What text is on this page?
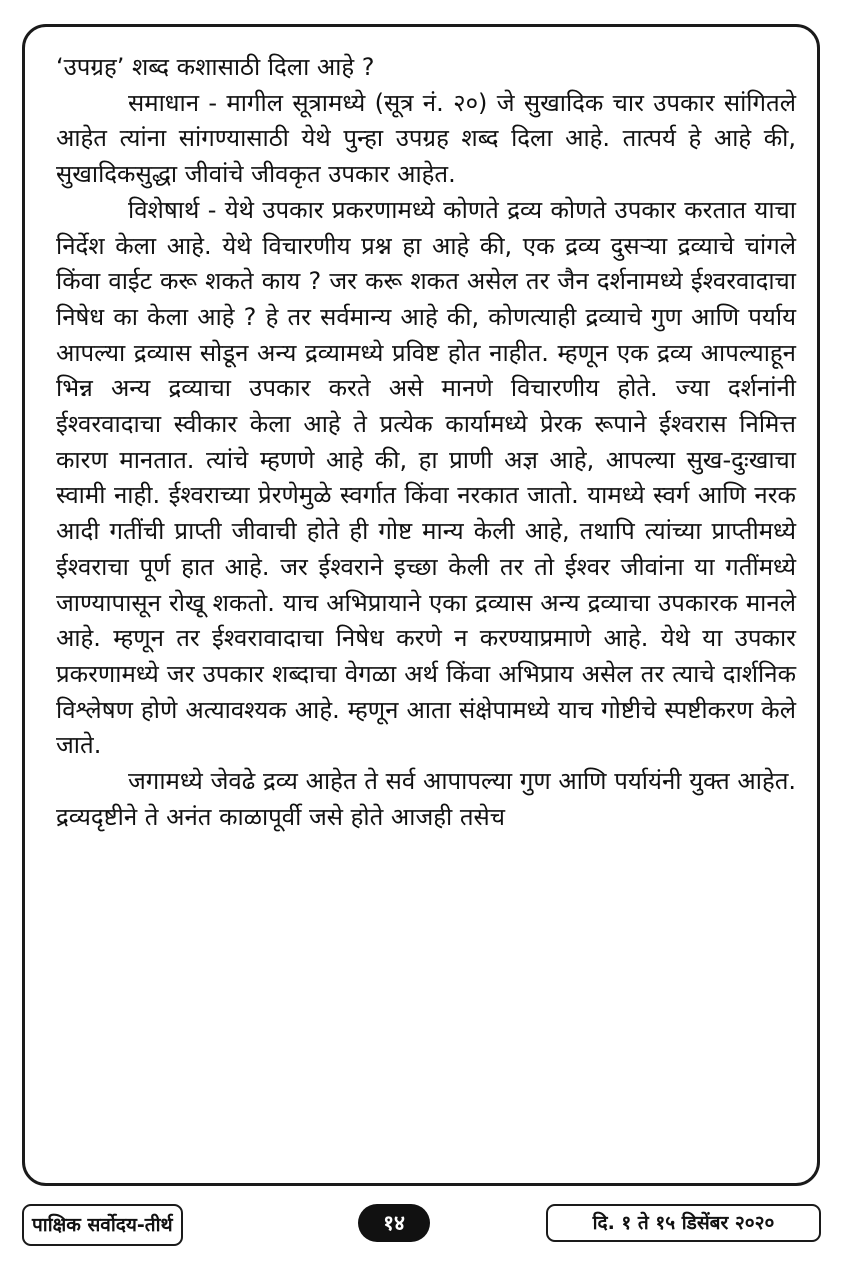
‘उपग्रह’ शब्द कशासाठी दिला आहे ?

समाधान - मागील सूत्रामध्ये (सूत्र नं. २०) जे सुखादिक चार उपकार सांगितले आहेत त्यांना सांगण्यासाठी येथे पुन्हा उपग्रह शब्द दिला आहे. तात्पर्य हे आहे की, सुखादिकसुद्धा जीवांचे जीवकृत उपकार आहेत.

विशेषार्थ - येथे उपकार प्रकरणामध्ये कोणते द्रव्य कोणते उपकार करतात याचा निर्देश केला आहे. येथे विचारणीय प्रश्न हा आहे की, एक द्रव्य दुसऱ्या द्रव्याचे चांगले किंवा वाईट करू शकते काय ? जर करू शकत असेल तर जैन दर्शनामध्ये ईश्वरवादाचा निषेध का केला आहे ? हे तर सर्वमान्य आहे की, कोणत्याही द्रव्याचे गुण आणि पर्याय आपल्या द्रव्यास सोडून अन्य द्रव्यामध्ये प्रविष्ट होत नाहीत. म्हणून एक द्रव्य आपल्याहून भिन्न अन्य द्रव्याचा उपकार करते असे मानणे विचारणीय होते. ज्या दर्शनांनी ईश्वरवादाचा स्वीकार केला आहे ते प्रत्येक कार्यामध्ये प्रेरक रूपाने ईश्वरास निमित्त कारण मानतात. त्यांचे म्हणणे आहे की, हा प्राणी अज्ञ आहे, आपल्या सुख-दुःखाचा स्वामी नाही. ईश्वराच्या प्रेरणेमुळे स्वर्गात किंवा नरकात जातो. यामध्ये स्वर्ग आणि नरक आदी गतींची प्राप्ती जीवाची होते ही गोष्ट मान्य केली आहे, तथापि त्यांच्या प्राप्तीमध्ये ईश्वराचा पूर्ण हात आहे. जर ईश्वराने इच्छा केली तर तो ईश्वर जीवांना या गतींमध्ये जाण्यापासून रोखू शकतो. याच अभिप्रायाने एका द्रव्यास अन्य द्रव्याचा उपकारक मानले आहे. म्हणून तर ईश्वरावादाचा निषेध करणे न करण्याप्रमाणे आहे. येथे या उपकार प्रकरणामध्ये जर उपकार शब्दाचा वेगळा अर्थ किंवा अभिप्राय असेल तर त्याचे दार्शनिक विश्लेषण होणे अत्यावश्यक आहे. म्हणून आता संक्षेपामध्ये याच गोष्टीचे स्पष्टीकरण केले जाते.

जगामध्ये जेवढे द्रव्य आहेत ते सर्व आपापल्या गुण आणि पर्यायंनी युक्त आहेत. द्रव्यदृष्टीने ते अनंत काळापूर्वी जसे होते आजही तसेच

पाक्षिक सर्वोदय-तीर्थ	१४	दि. १ ते १५ डिसेंबर २०२०
